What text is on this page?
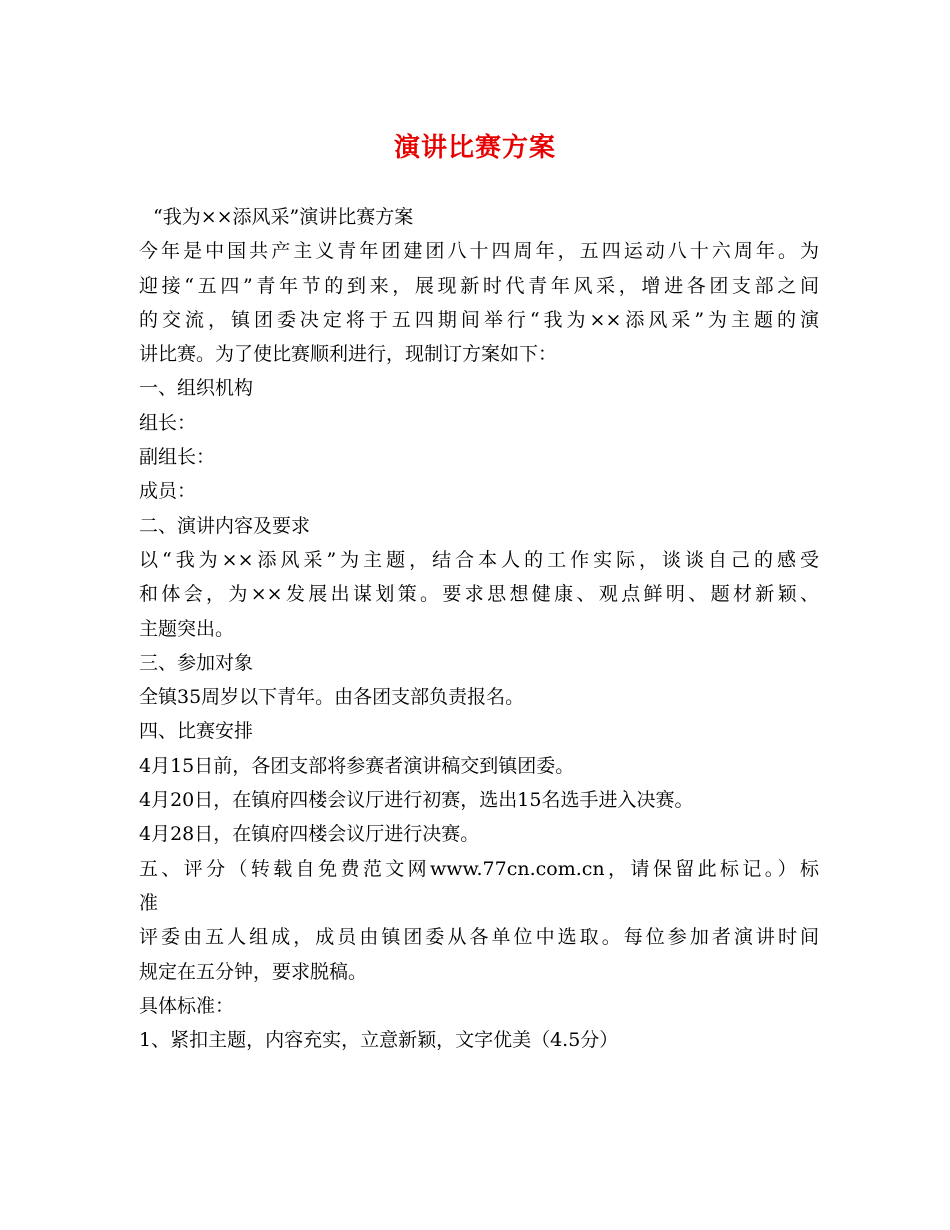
演讲比赛方案
“我为××添风采”演讲比赛方案
今年是中国共产主义青年团建团八十四周年，五四运动八十六周年。为
迎接“五四”青年节的到来，展现新时代青年风采，增进各团支部之间
的交流，镇团委决定将于五四期间举行“我为××添风采”为主题的演
讲比赛。为了使比赛顺利进行，现制订方案如下：
一、组织机构
组长：
副组长：
成员：
二、演讲内容及要求
以“我为××添风采”为主题，结合本人的工作实际，谈谈自己的感受
和体会，为××发展出谋划策。要求思想健康、观点鲜明、题材新颖、
主题突出。
三、参加对象
全镇35周岁以下青年。由各团支部负责报名。
四、比赛安排
4月15日前，各团支部将参赛者演讲稿交到镇团委。
4月20日，在镇府四楼会议厅进行初赛，选出15名选手进入决赛。
4月28日，在镇府四楼会议厅进行决赛。
五、评分（转载自免费范文网www.77cn.com.cn，请保留此标记。）标
准
评委由五人组成，成员由镇团委从各单位中选取。每位参加者演讲时间
规定在五分钟，要求脱稿。
具体标准：
1、紧扣主题，内容充实，立意新颖，文字优美（4.5分）
